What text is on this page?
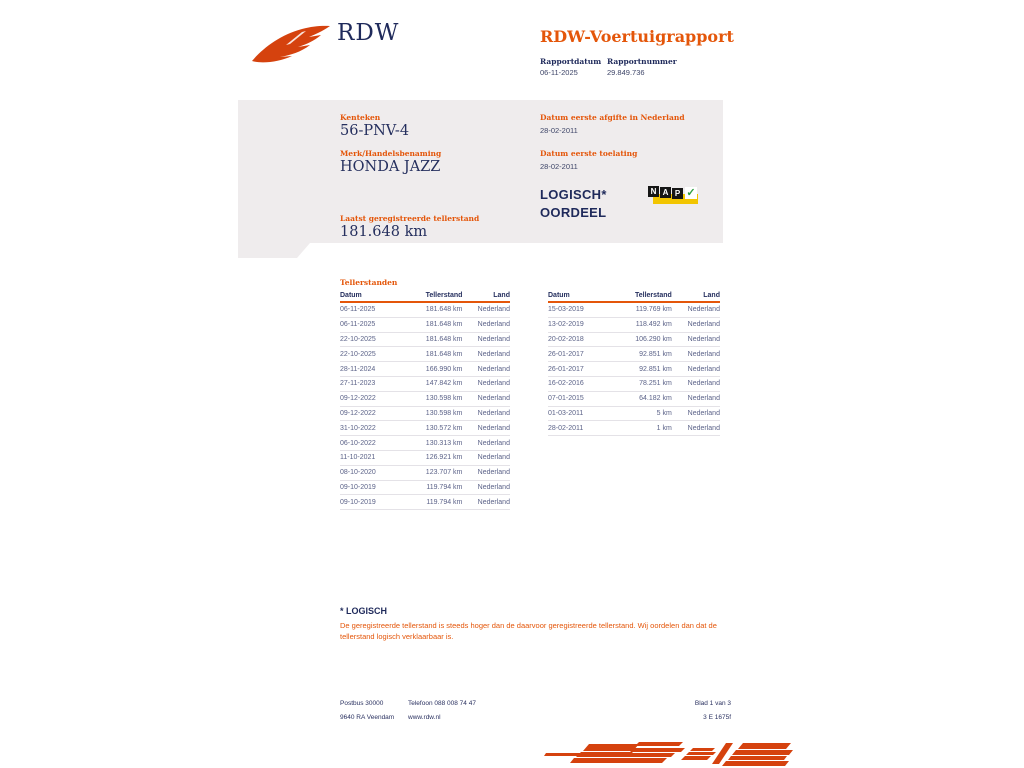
RDW	RDW-Voertuigrapport
Rapportdatum Rapportnummer
06-11-2025	29.849.736
Kenteken
56-PNV-4
Merk/Handelsbenaming
HONDA JAZZ
Laatst geregistreerde tellerstand
181.648 km
Datum eerste afgifte in Nederland
28-02-2011
Datum eerste toelating
28-02-2011
LOGISCH*
OORDEEL
N A P ✓
Tellerstanden
Datum	Tellerstand	Land
06-11-2025	181.648 km	Nederland
06-11-2025	181.648 km	Nederland
22-10-2025	181.648 km	Nederland
22-10-2025	181.648 km	Nederland
28-11-2024	166.990 km	Nederland
27-11-2023	147.842 km	Nederland
09-12-2022	130.598 km	Nederland
09-12-2022	130.598 km	Nederland
31-10-2022	130.572 km	Nederland
06-10-2022	130.313 km	Nederland
11-10-2021	126.921 km	Nederland
08-10-2020	123.707 km	Nederland
09-10-2019	119.794 km	Nederland
09-10-2019	119.794 km	Nederland
Datum	Tellerstand	Land
15-03-2019	119.769 km	Nederland
13-02-2019	118.492 km	Nederland
20-02-2018	106.290 km	Nederland
26-01-2017	92.851 km	Nederland
26-01-2017	92.851 km	Nederland
16-02-2016	78.251 km	Nederland
07-01-2015	64.182 km	Nederland
01-03-2011	5 km	Nederland
28-02-2011	1 km	Nederland
* LOGISCH
De geregistreerde tellerstand is steeds hoger dan de daarvoor geregistreerde tellerstand. Wij oordelen dan dat de tellerstand logisch verklaarbaar is.
Postbus 30000
9640 RA Veendam
Telefoon 088 008 74 47
www.rdw.nl
Blad 1 van 3
3 E 1675f
